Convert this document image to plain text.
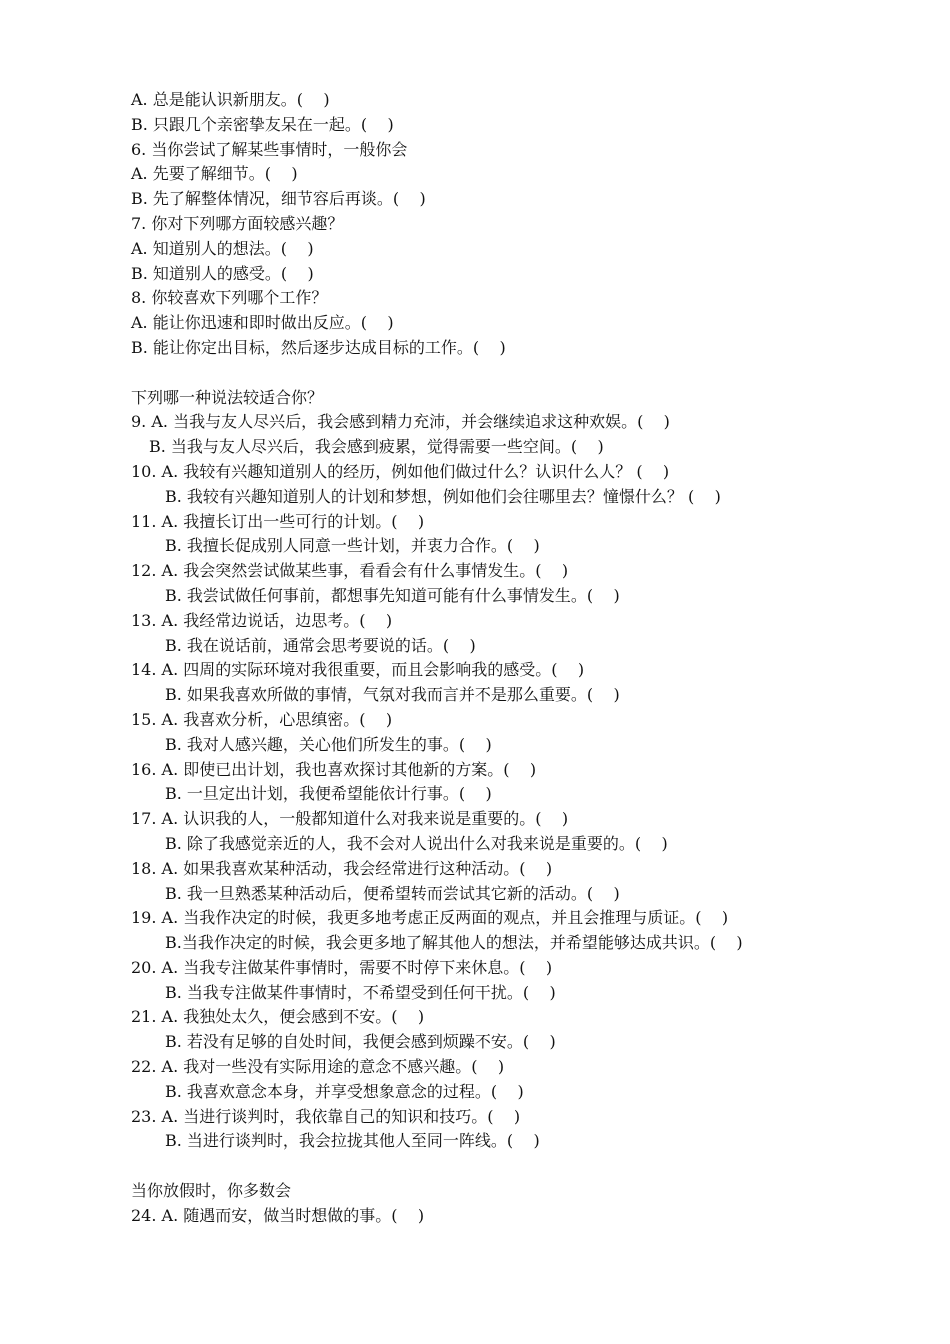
A. 总是能认识新朋友。(    )
B. 只跟几个亲密挚友呆在一起。(    )
6. 当你尝试了解某些事情时，一般你会
A. 先要了解细节。(    )
B. 先了解整体情况，细节容后再谈。(    )
7. 你对下列哪方面较感兴趣？
A. 知道别人的想法。(    )
B. 知道别人的感受。(    )
8. 你较喜欢下列哪个工作？
A. 能让你迅速和即时做出反应。(    )
B. 能让你定出目标，然后逐步达成目标的工作。(    )
下列哪一种说法较适合你？
9. A. 当我与友人尽兴后，我会感到精力充沛，并会继续追求这种欢娱。(    )
B. 当我与友人尽兴后，我会感到疲累，觉得需要一些空间。(    )
10. A. 我较有兴趣知道别人的经历，例如他们做过什么？认识什么人？ (    )
B. 我较有兴趣知道别人的计划和梦想，例如他们会往哪里去？憧憬什么？ (    )
11. A. 我擅长订出一些可行的计划。(    )
B. 我擅长促成别人同意一些计划，并衷力合作。(    )
12. A. 我会突然尝试做某些事，看看会有什么事情发生。(    )
B. 我尝试做任何事前，都想事先知道可能有什么事情发生。(    )
13. A. 我经常边说话，边思考。(    )
B. 我在说话前，通常会思考要说的话。(    )
14. A. 四周的实际环境对我很重要，而且会影响我的感受。(    )
B. 如果我喜欢所做的事情，气氛对我而言并不是那么重要。(    )
15. A. 我喜欢分析，心思缜密。(    )
B. 我对人感兴趣，关心他们所发生的事。(    )
16. A. 即使已出计划，我也喜欢探讨其他新的方案。(    )
B. 一旦定出计划，我便希望能依计行事。(    )
17. A. 认识我的人，一般都知道什么对我来说是重要的。(    )
B. 除了我感觉亲近的人，我不会对人说出什么对我来说是重要的。(    )
18. A. 如果我喜欢某种活动，我会经常进行这种活动。(    )
B. 我一旦熟悉某种活动后，便希望转而尝试其它新的活动。(    )
19. A. 当我作决定的时候，我更多地考虑正反两面的观点，并且会推理与质证。(    )
B.当我作决定的时候，我会更多地了解其他人的想法，并希望能够达成共识。(    )
20. A. 当我专注做某件事情时，需要不时停下来休息。(    )
B. 当我专注做某件事情时，不希望受到任何干扰。(    )
21. A. 我独处太久，便会感到不安。(    )
B. 若没有足够的自处时间，我便会感到烦躁不安。(    )
22. A. 我对一些没有实际用途的意念不感兴趣。(    )
B. 我喜欢意念本身，并享受想象意念的过程。(    )
23. A. 当进行谈判时，我依靠自己的知识和技巧。(    )
B. 当进行谈判时，我会拉拢其他人至同一阵线。(    )
当你放假时，你多数会
24. A. 随遇而安，做当时想做的事。(    )
